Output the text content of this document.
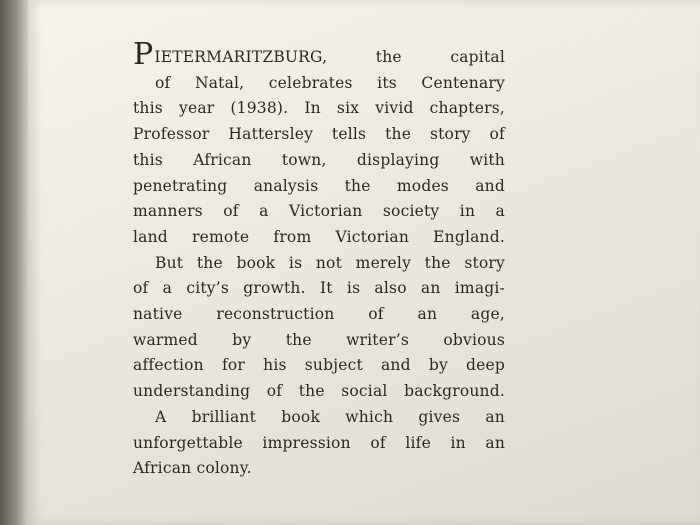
PIETERMARITZBURG, the capital
of Natal, celebrates its Centenary
this year (1938). In six vivid chapters,
Professor Hattersley tells the story of
this African town, displaying with
penetrating analysis the modes and
manners of a Victorian society in a
land remote from Victorian England.
But the book is not merely the story
of a city’s growth. It is also an imagi-
native reconstruction of an age,
warmed by the writer’s obvious
affection for his subject and by deep
understanding of the social background.
A brilliant book which gives an
unforgettable impression of life in an
African colony.
